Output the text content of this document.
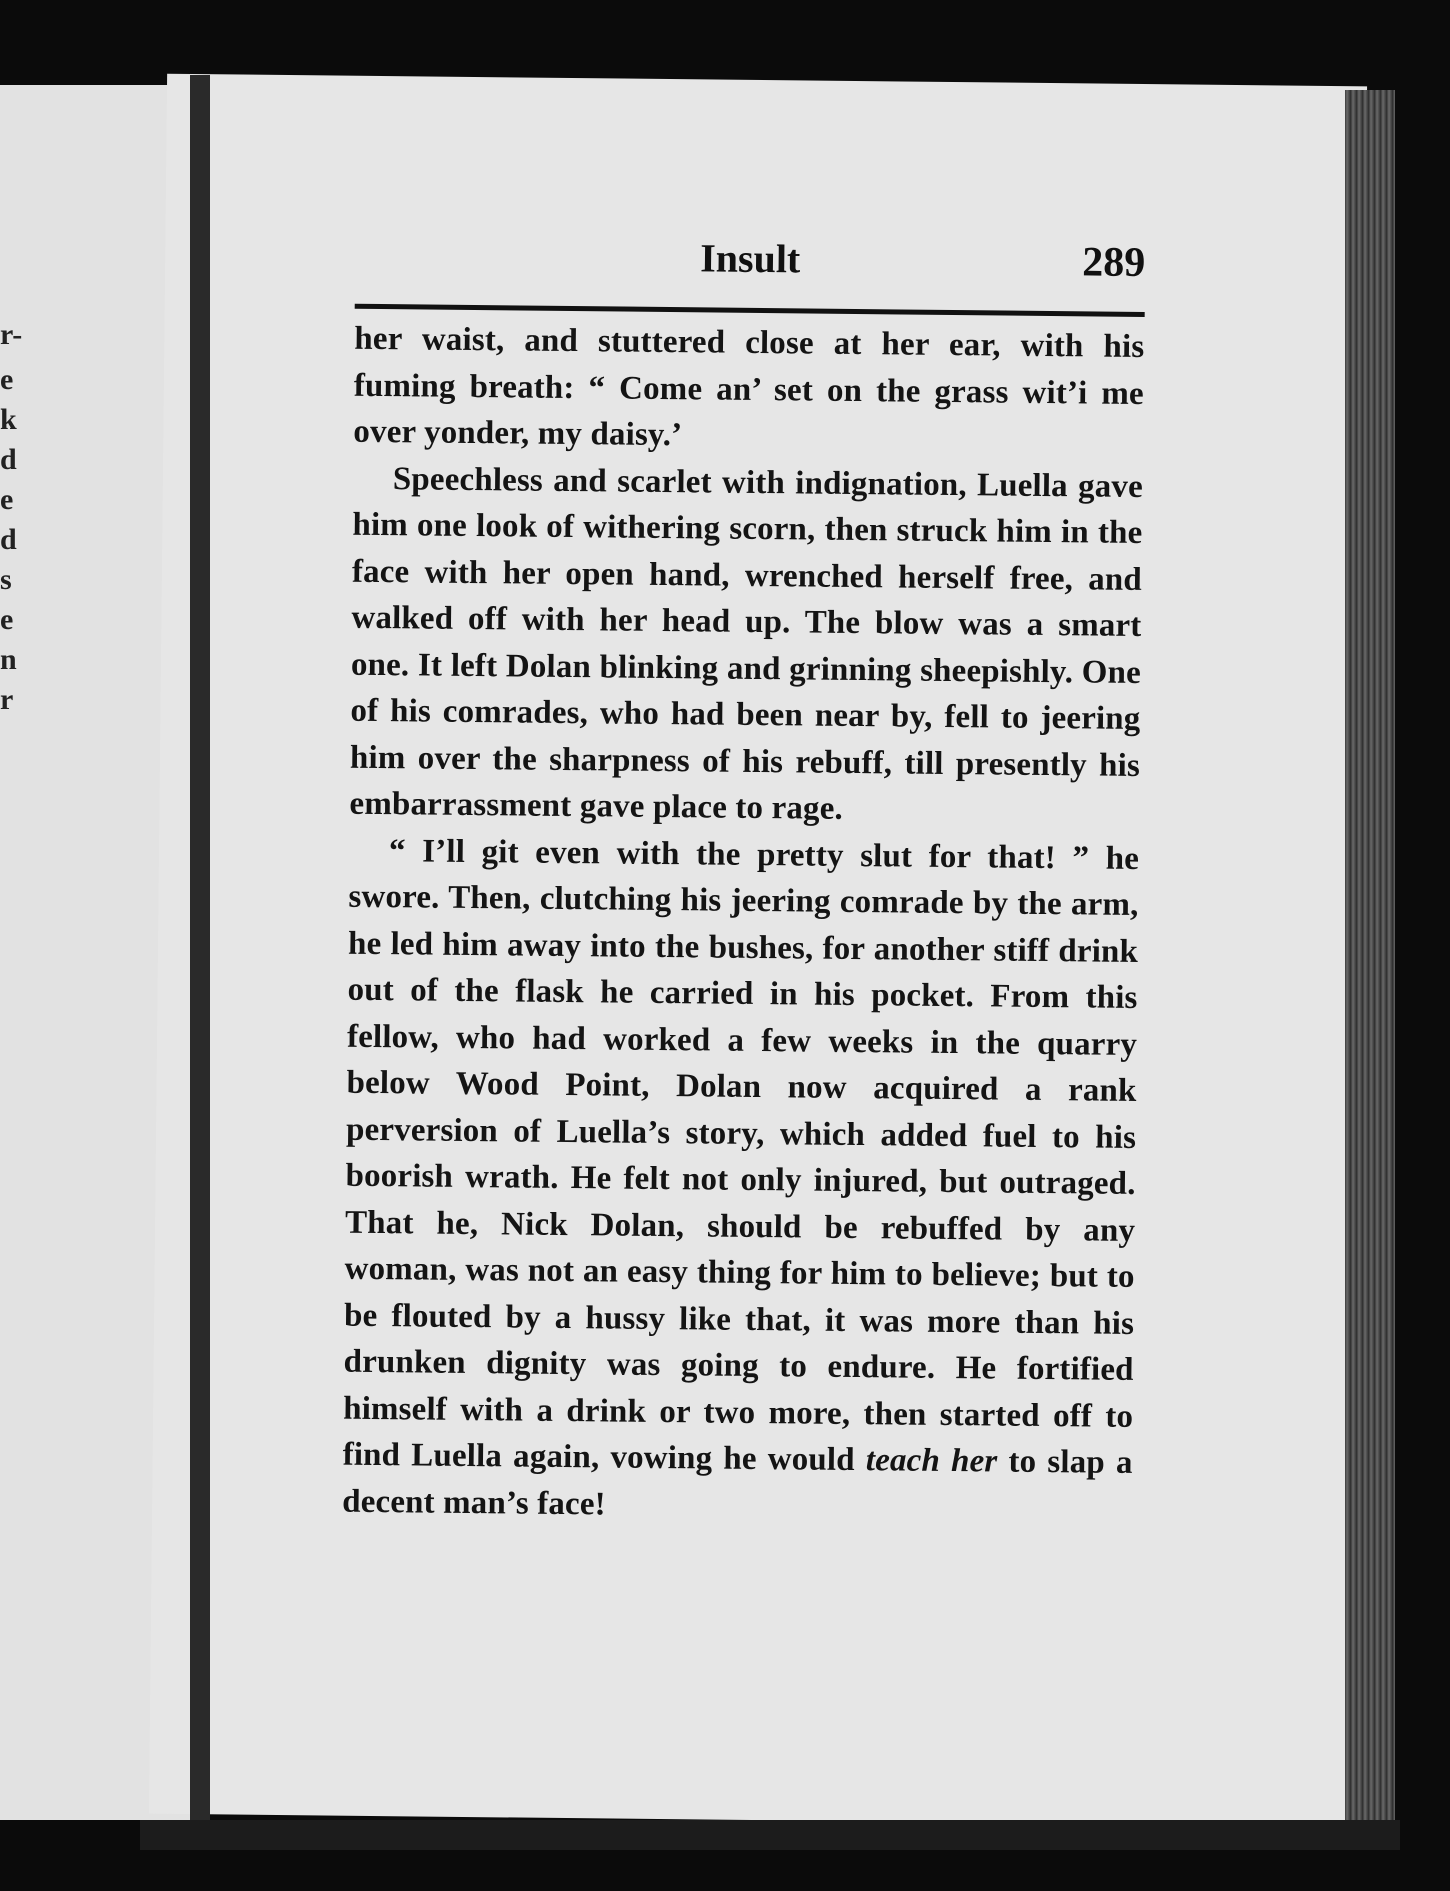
r-
e
k
d
e
d
s
e
n
r
Insult	289

her waist, and stuttered close at her ear, with his fuming breath: “ Come an’ set on the grass wit’i me over yonder, my daisy.’

Speechless and scarlet with indignation, Luella gave him one look of withering scorn, then struck him in the face with her open hand, wrenched herself free, and walked off with her head up. The blow was a smart one. It left Dolan blinking and grinning sheepishly. One of his comrades, who had been near by, fell to jeering him over the sharpness of his rebuff, till presently his embarrassment gave place to rage.

“ I’ll git even with the pretty slut for that! ” he swore. Then, clutching his jeering comrade by the arm, he led him away into the bushes, for another stiff drink out of the flask he carried in his pocket. From this fellow, who had worked a few weeks in the quarry below Wood Point, Dolan now acquired a rank perversion of Luella’s story, which added fuel to his boorish wrath. He felt not only injured, but outraged. That he, Nick Dolan, should be rebuffed by any woman, was not an easy thing for him to believe; but to be flouted by a hussy like that, it was more than his drunken dignity was going to endure. He fortified himself with a drink or two more, then started off to find Luella again, vowing he would teach her to slap a decent man’s face!
